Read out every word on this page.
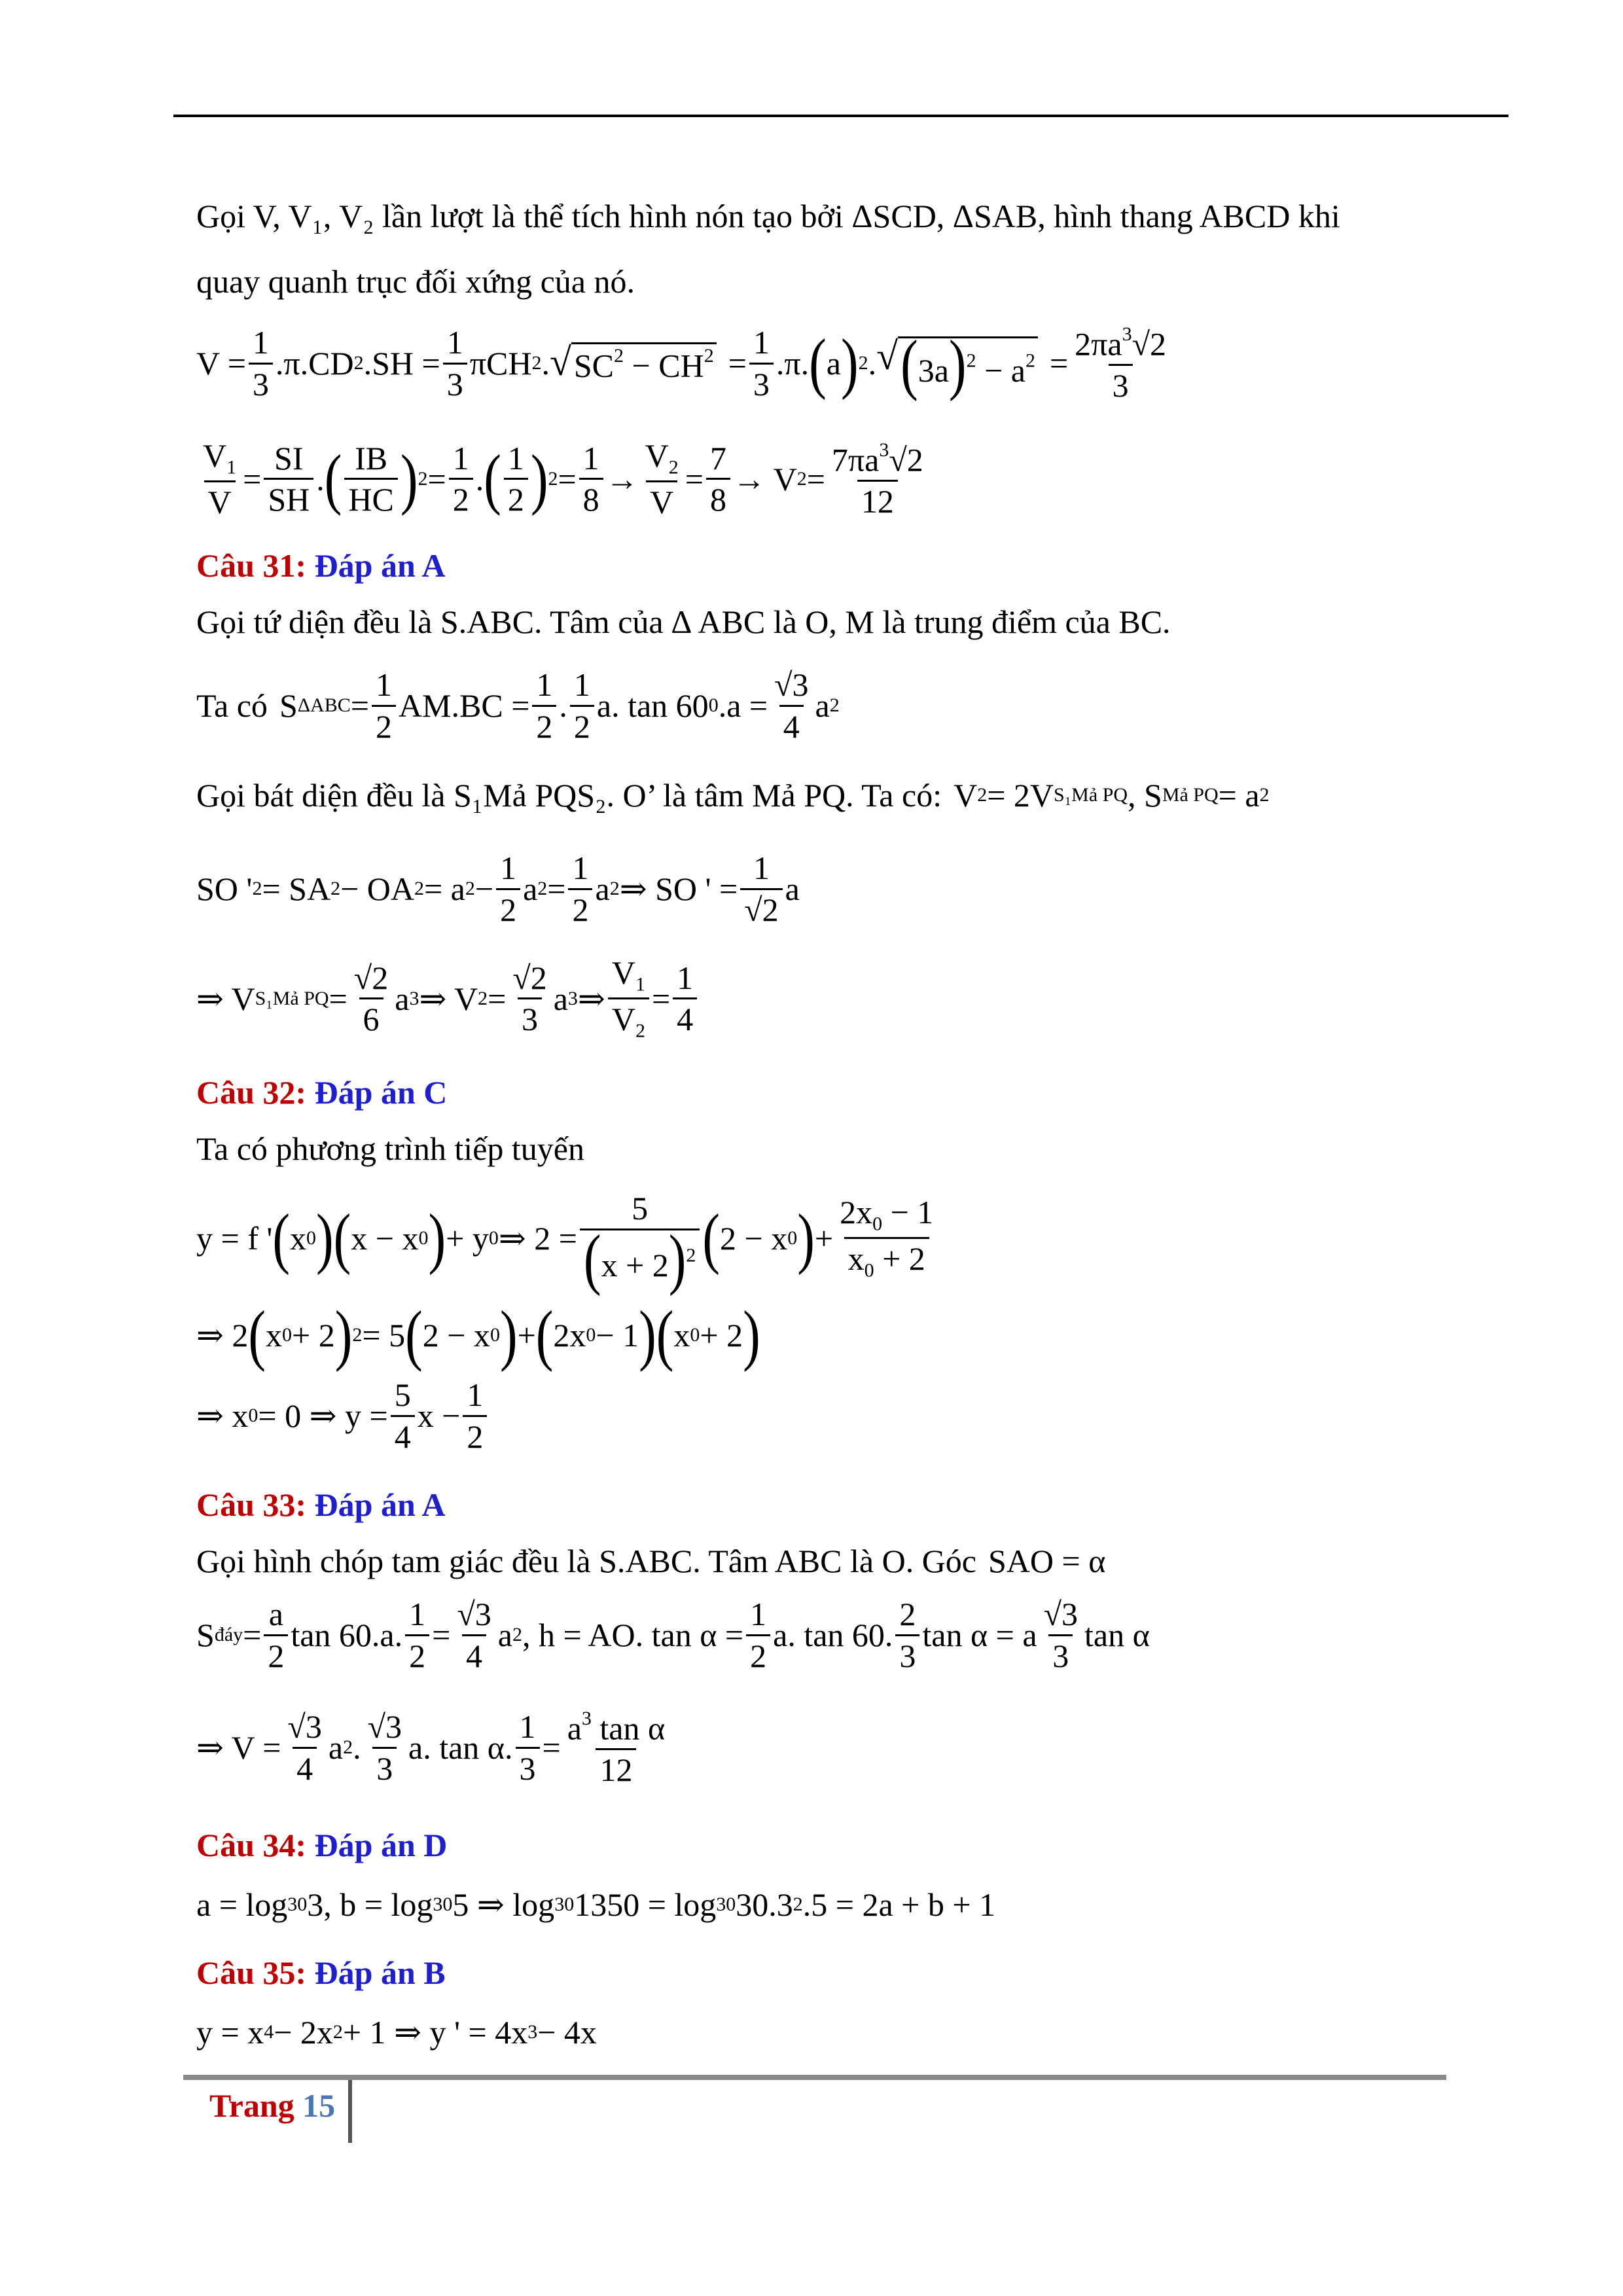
Gọi V, V₁, V₂ lần lượt là thể tích hình nón tạo bởi ΔSCD, ΔSAB, hình thang ABCD khi
quay quanh trục đối xứng của nó.
$V = \frac{1}{3} .\pi.CD$ 2 $.SH = \frac{1}{3}$ πCH 2 . √ $SC^2 - CH^2 = \frac{1}{3} .\pi$. ( a ) 2 . √ $(3a)^2 - a^2 = \frac{2\pi a^3√2}{3}$
$\frac{V_1}{V} = \frac{SI}{SH}$ . ( $\frac{IB}{HC}$ ) $2 = \frac{1}{2}$ . ( $\frac{1}{2}$ ) $2 = \frac{1}{8} \to \frac{V_2}{V} = \frac{7}{8} \to V$ $2 = \frac{7\pi a^3√2}{12}$
Câu 31: Đáp án A
Gọi tứ diện đều là S.ABC. Tâm của ∆ ABC là O, M là trung điểm của BC.
Ta có S $\Delta ABC = \frac{1}{2} AM.BC = \frac{1}{2}$ . $\frac{1}{2} a$. tan 60 0 $.a = \frac{√3}{4}$ a 2
Gọi bát diện đều là S₁Mả PQS₂. O’ là tâm Mả PQ. Ta có: V 2 = 2V S₁Mả PQ , S Mả PQ = a 2
SO ' 2 = SA 2 − OA 2 = a $2 - \frac{1}{2}$ a $2 = \frac{1}{2}$ a 2 ⇒ SO ' = $\frac{1}{√2}$ a
⇒ V S₁Mả PQ = $\frac{√2}{6}$ a 3 ⇒ V $2 = \frac{√2}{3}$ a 3 ⇒ $\frac{V_1}{V_2} = \frac{1}{4}$
Câu 32: Đáp án C
Ta có phương trình tiếp tuyến
y = f ' ( x 0 ) ( x − x 0 ) + y 0 ⇒ $2 = \frac{5}{(x + 2)^2}$ ( 2 − x 0 ) + $\frac{2x_0 - 1}{x_0 + 2}$
⇒ 2 ( x 0 + 2 ) 2 = 5 ( 2 − x 0 ) + ( 2x 0 − 1 ) ( x 0 + 2 )
⇒ x 0 = 0 ⇒ $y = \frac{5}{4}$ $x - \frac{1}{2}$
Câu 33: Đáp án A
Gọi hình chóp tam giác đều là S.ABC. Tâm ABC là O. Góc SAO = α
S đáy = $\frac{a}{2}$ tan 60.a. $\frac{1}{2} = \frac{√3}{4}$ a 2 , h = AO. $\tan \alpha = \frac{1}{2} a$. tan 60. $\frac{2}{3}$ tan α = a $\frac{√3}{3}$ tan α
⇒ $V = \frac{√3}{4}$ a 2 . $\frac{√3}{3} a$. tan α. $\frac{1}{3} = \frac{a^3 \tan \alpha}{12}$
Câu 34: Đáp án D
a = log 30 3, b = log 30 5 ⇒ log 30 1350 = log 30 30.3 2 .5 = 2a + b + 1
Câu 35: Đáp án B
y = x 4 − 2x 2 + 1 ⇒ y ' = 4x 3 − 4x
Trang 15
